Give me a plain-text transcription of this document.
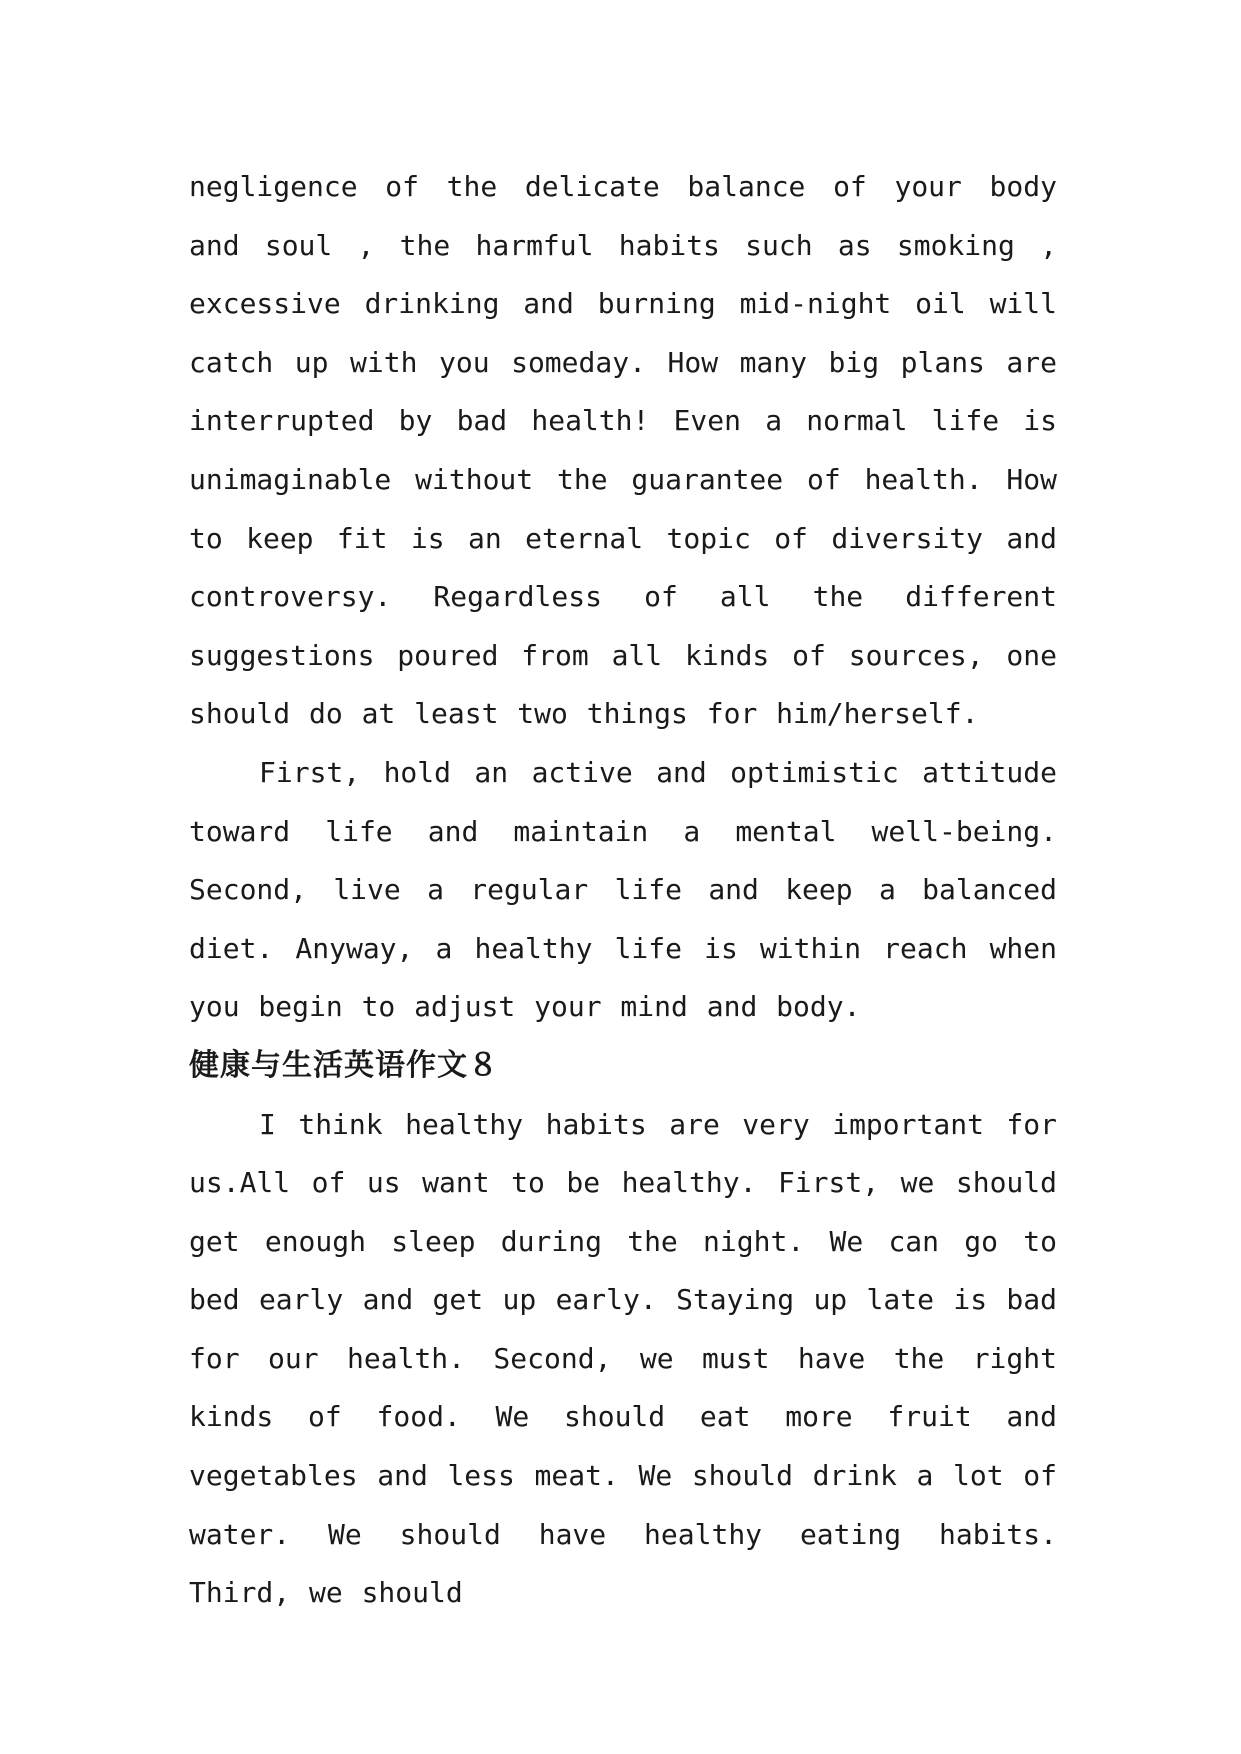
negligence of the delicate balance of your body and soul , the harmful habits such as smoking , excessive drinking and burning mid-night oil will catch up with you someday. How many big plans are interrupted by bad health! Even a normal life is unimaginable without the guarantee of health. How to keep fit is an eternal topic of diversity and controversy. Regardless of all the different suggestions poured from all kinds of sources, one should do at least two things for him/herself.

First, hold an active and optimistic attitude toward life and maintain a mental well-being. Second, live a regular life and keep a balanced diet. Anyway, a healthy life is within reach when you begin to adjust your mind and body.

健康与生活英语作文８

I think healthy habits are very important for us.All of us want to be healthy. First, we should get enough sleep during the night. We can go to bed early and get up early. Staying up late is bad for our health. Second, we must have the right kinds of food. We should eat more fruit and vegetables and less meat. We should drink a lot of water. We should have healthy eating habits. Third, we should
